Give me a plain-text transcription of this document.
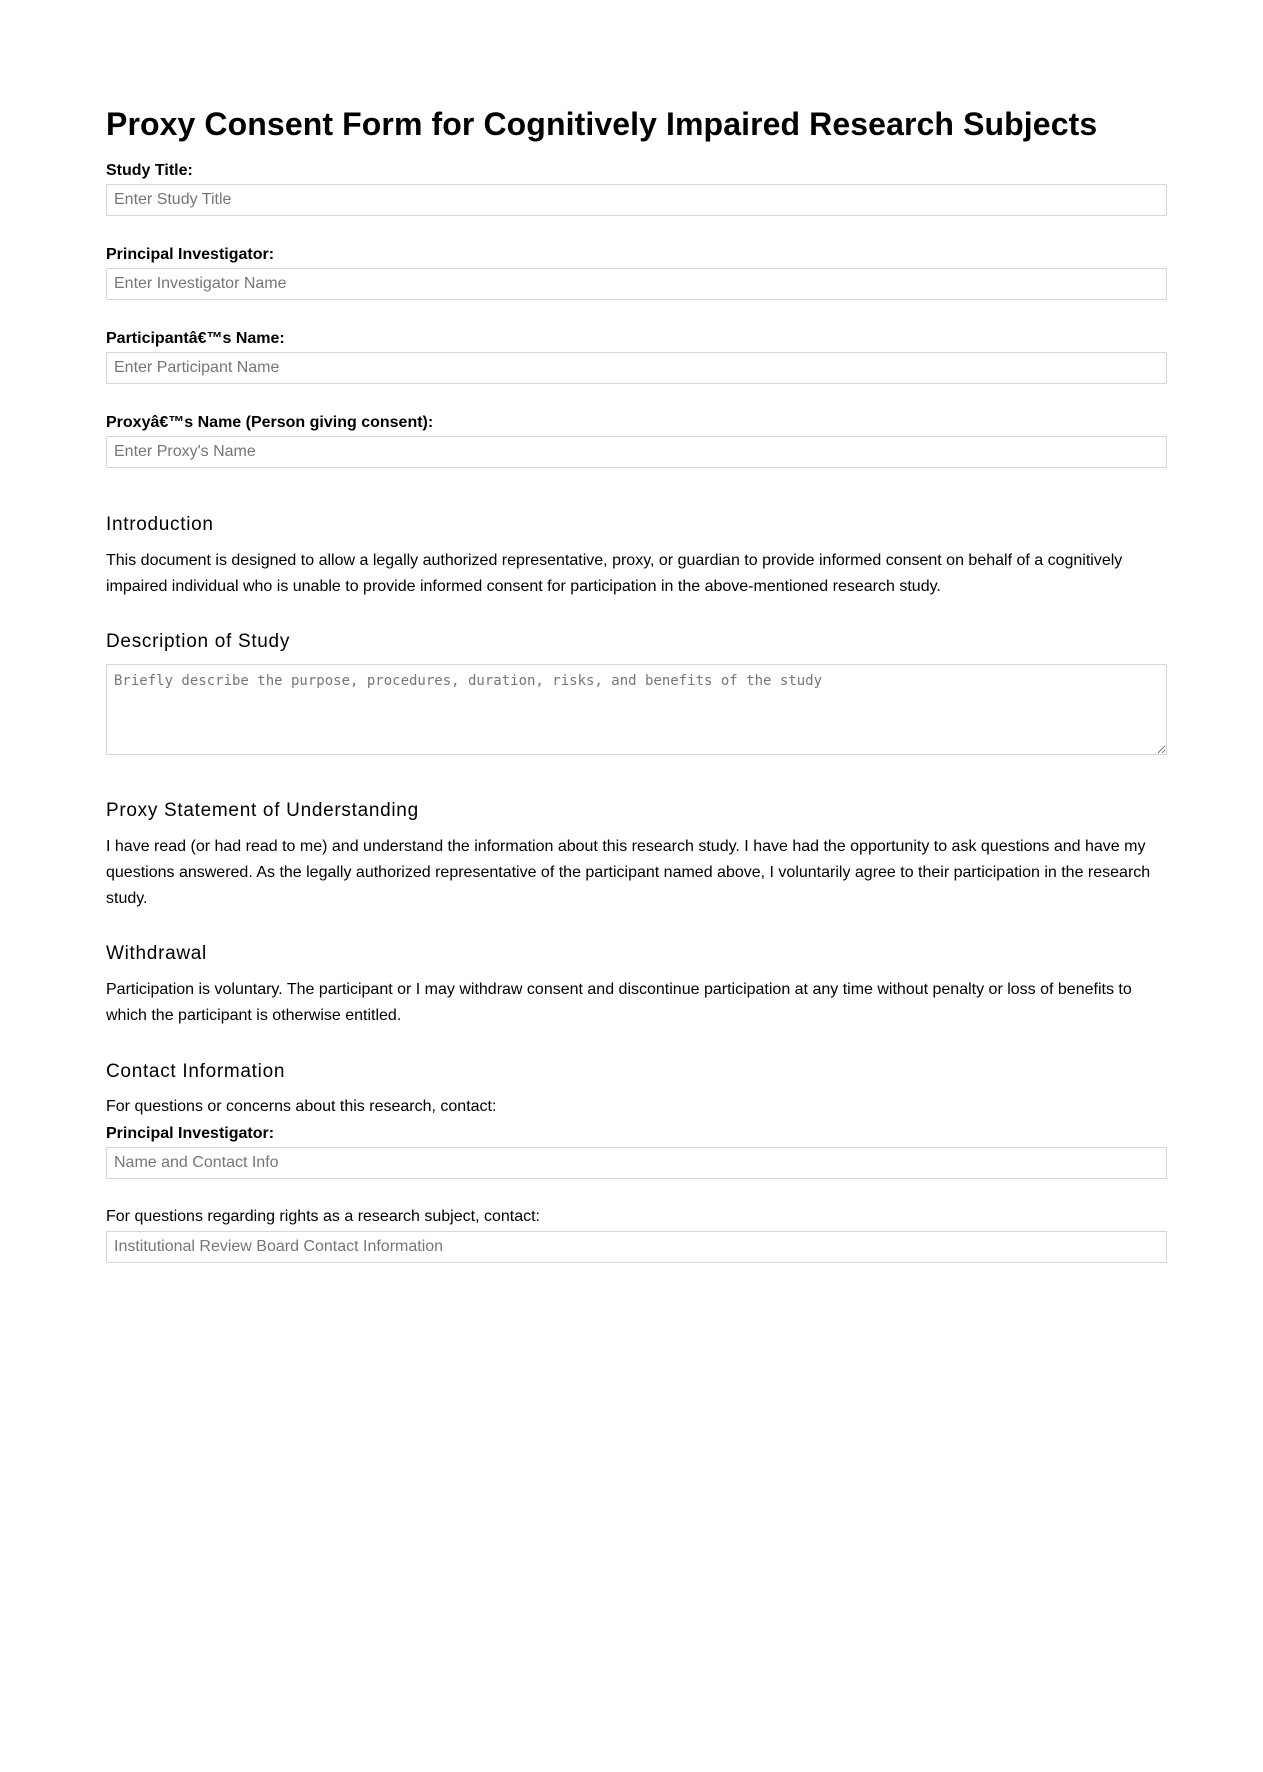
Proxy Consent Form for Cognitively Impaired Research Subjects
Study Title:
Enter Study Title
Principal Investigator:
Enter Investigator Name
Participantâ€™s Name:
Enter Participant Name
Proxyâ€™s Name (Person giving consent):
Enter Proxy's Name
Introduction

This document is designed to allow a legally authorized representative, proxy, or guardian to provide informed consent on behalf of a cognitively impaired individual who is unable to provide informed consent for participation in the above-mentioned research study.

Description of Study
Briefly describe the purpose, procedures, duration, risks, and benefits of the study
Proxy Statement of Understanding

I have read (or had read to me) and understand the information about this research study. I have had the opportunity to ask questions and have my questions answered. As the legally authorized representative of the participant named above, I voluntarily agree to their participation in the research study.

Withdrawal

Participation is voluntary. The participant or I may withdraw consent and discontinue participation at any time without penalty or loss of benefits to which the participant is otherwise entitled.

Contact Information
For questions or concerns about this research, contact:
Principal Investigator:
Name and Contact Info
For questions regarding rights as a research subject, contact:
Institutional Review Board Contact Information
